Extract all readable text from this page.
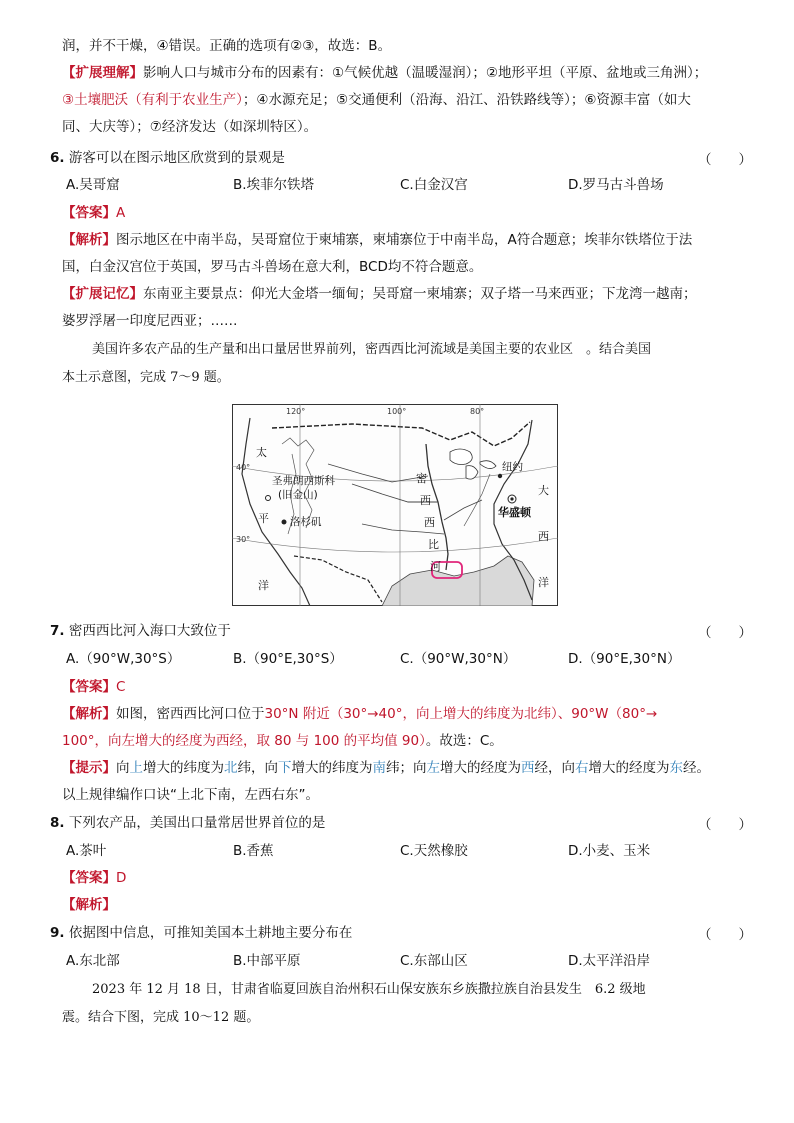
润，并不干燥，④错误。正确的选项有②③，故选：B。
【扩展理解】影响人口与城市分布的因素有：①气候优越（温暖湿润）；②地形平坦（平原、盆地或三角洲）；
③土壤肥沃（有利于农业生产）；④水源充足；⑤交通便利（沿海、沿江、沿铁路线等）；⑥资源丰富（如大
同、大庆等）；⑦经济发达（如深圳特区）。
6. 游客可以在图示地区欣赏到的景观是	（　　）
A.吴哥窟	B.埃菲尔铁塔	C.白金汉宫	D.罗马古斗兽场
【答案】A
【解析】图示地区在中南半岛，吴哥窟位于柬埔寨，柬埔寨位于中南半岛，A符合题意；埃菲尔铁塔位于法
国，白金汉宫位于英国，罗马古斗兽场在意大利，BCD均不符合题意。
【扩展记忆】东南亚主要景点：仰光大金塔一缅甸；吴哥窟一柬埔寨；双子塔一马来西亚；下龙湾一越南；
婆罗浮屠一印度尼西亚；……
美国许多农产品的生产量和出口量居世界前列，密西西比河流域是美国主要的农业区　。结合美国
本土示意图，完成 7～9 题。
120°	100°	80°
40°
30°
太
平
洋
大
西
洋
密
西
西
比
河
圣弗朗西斯科
(旧金山)
洛杉矶
纽约
华盛顿
7. 密西西比河入海口大致位于	（　　）
A.（90°W,30°S）	B.（90°E,30°S）	C.（90°W,30°N）	D.（90°E,30°N）
【答案】C
【解析】如图，密西西比河口位于30°N 附近（30°→40°，向上增大的纬度为北纬）、90°W（80°→
100°，向左增大的经度为西经，取 80 与 100 的平均值 90）。故选：C。
【提示】向上增大的纬度为北纬，向下增大的纬度为南纬；向左增大的经度为西经，向右增大的经度为东经。
以上规律编作口诀“上北下南，左西右东”。
8. 下列农产品，美国出口量常居世界首位的是	（　　）
A.茶叶	B.香蕉	C.天然橡胶	D.小麦、玉米
【答案】D
【解析】
9. 依据图中信息，可推知美国本土耕地主要分布在	（　　）
A.东北部	B.中部平原	C.东部山区	D.太平洋沿岸
2023 年 12 月 18 日，甘肃省临夏回族自治州积石山保安族东乡族撒拉族自治县发生　6.2 级地
震。结合下图，完成 10～12 题。
